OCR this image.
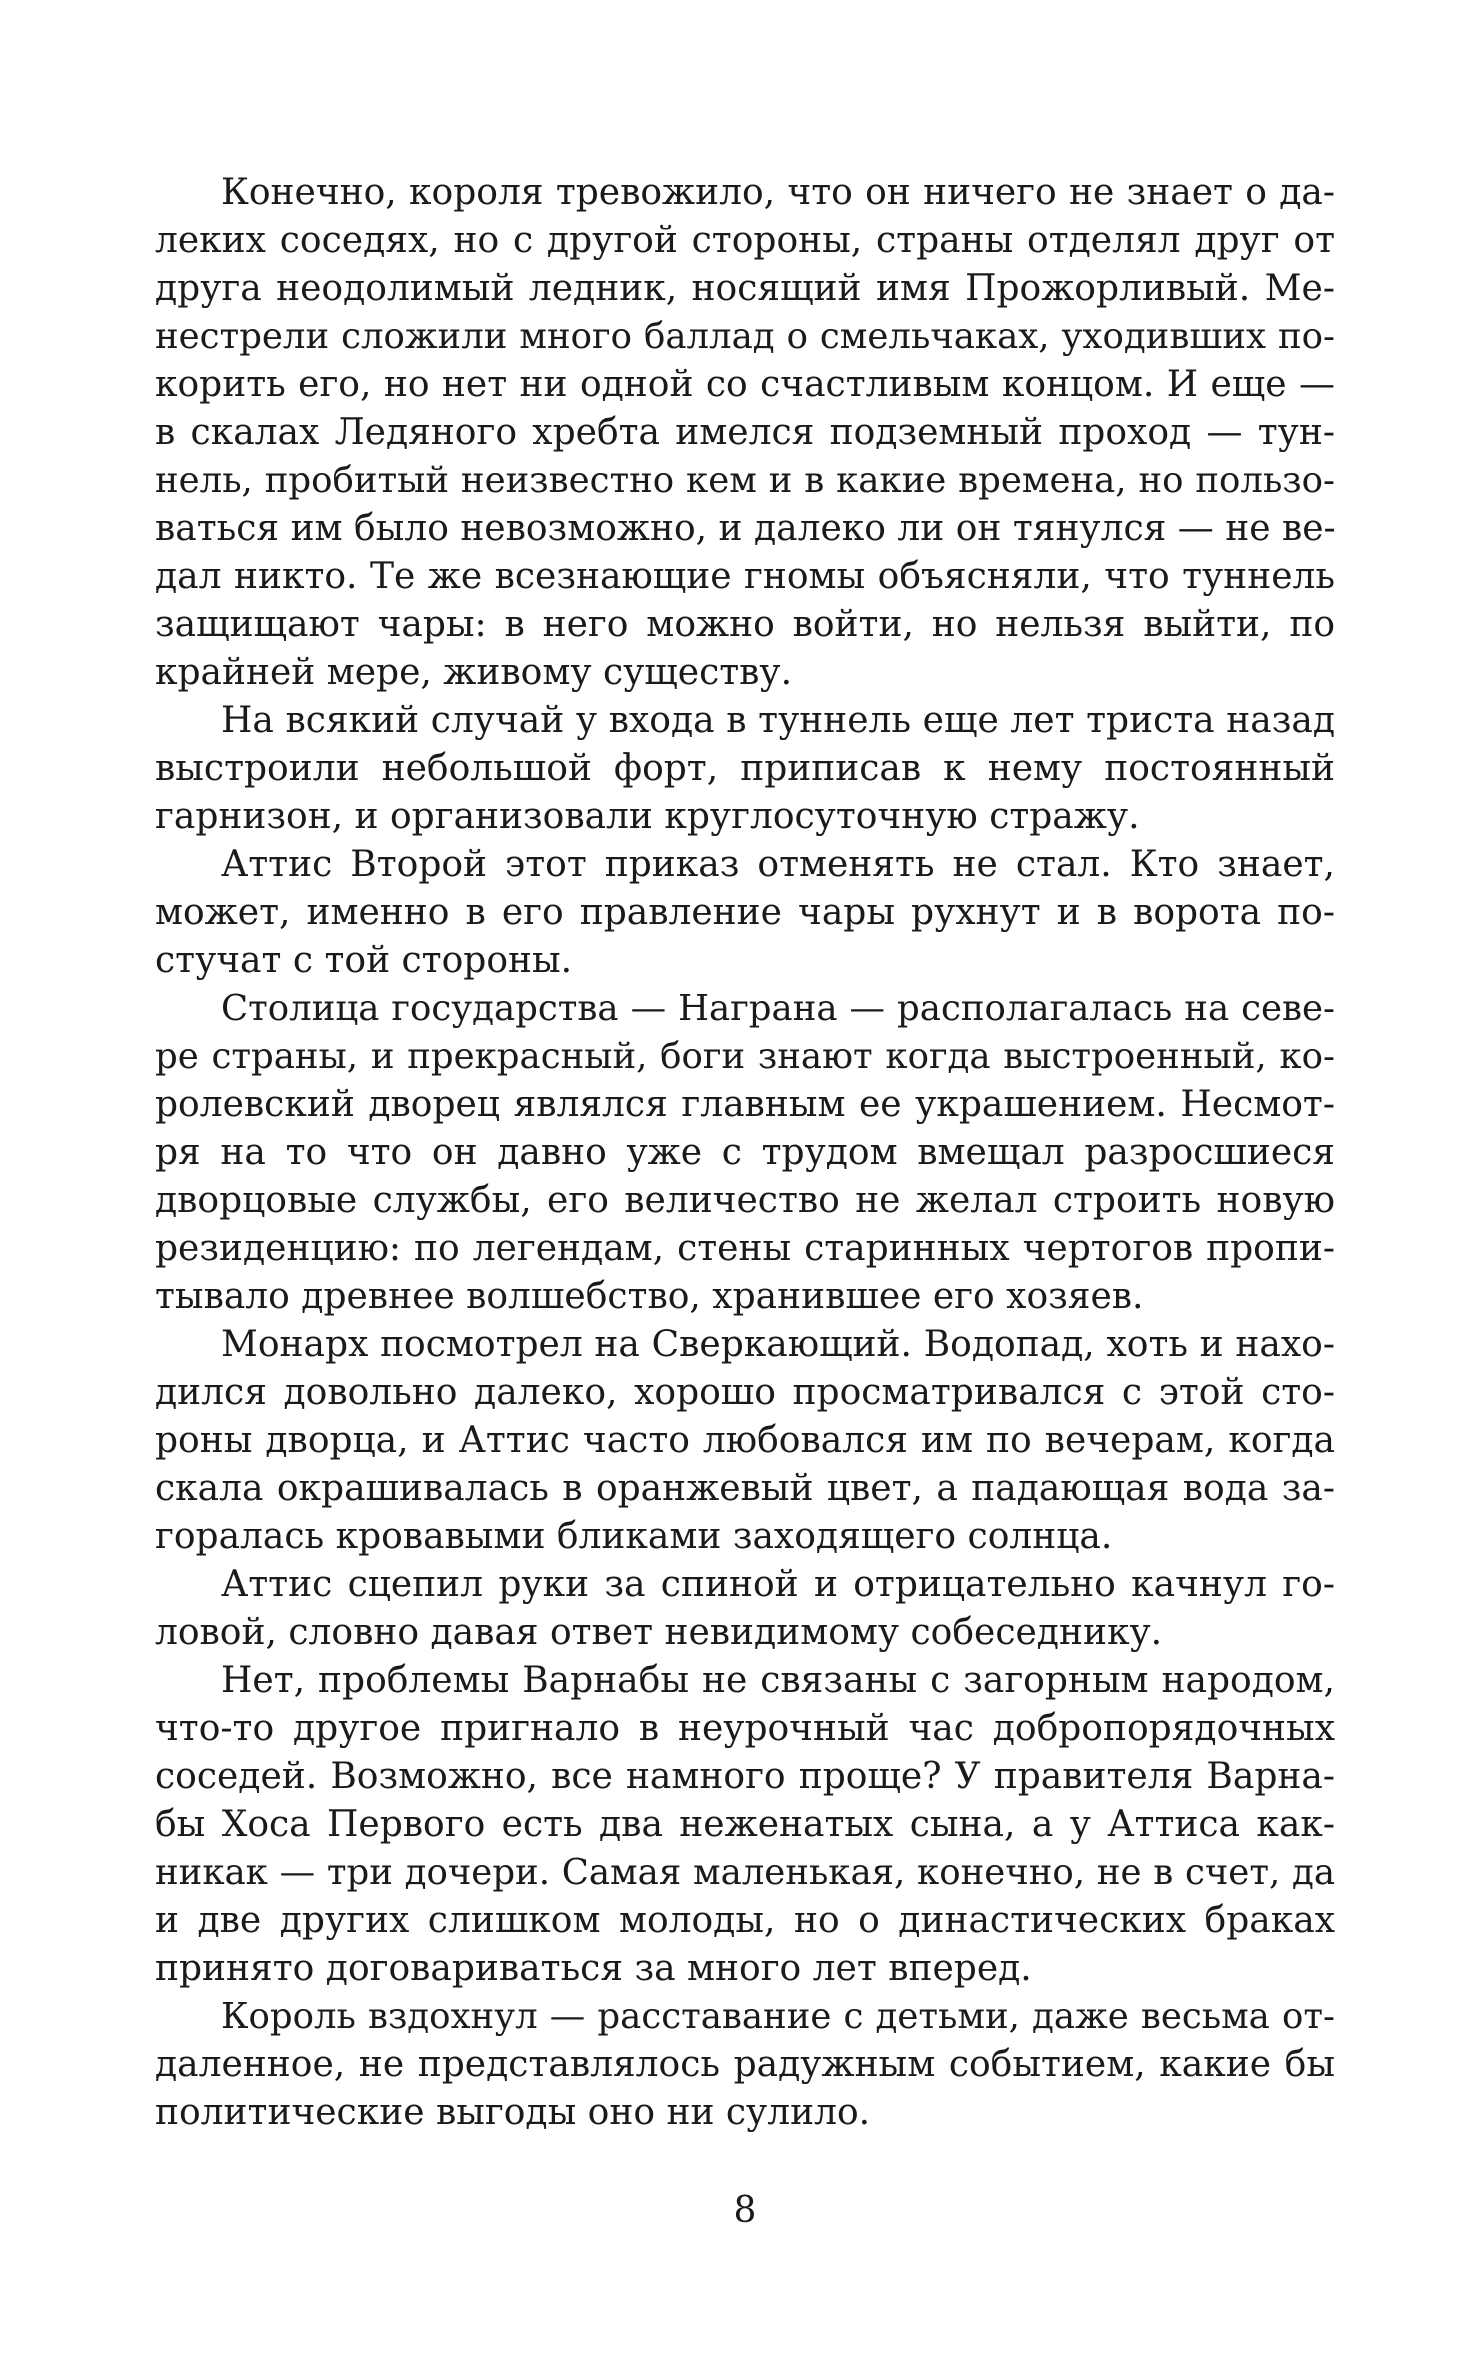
Конечно, короля тревожило, что он ничего не знает о да-
леких соседях, но с другой стороны, страны отделял друг от
друга неодолимый ледник, носящий имя Прожорливый. Ме-
нестрели сложили много баллад о смельчаках, уходивших по-
корить его, но нет ни одной со счастливым концом. И еще —
в скалах Ледяного хребта имелся подземный проход — тун-
нель, пробитый неизвестно кем и в какие времена, но пользо-
ваться им было невозможно, и далеко ли он тянулся — не ве-
дал никто. Те же всезнающие гномы объясняли, что туннель
защищают чары: в него можно войти, но нельзя выйти, по
крайней мере, живому существу.
На всякий случай у входа в туннель еще лет триста назад
выстроили небольшой форт, приписав к нему постоянный
гарнизон, и организовали круглосуточную стражу.
Аттис Второй этот приказ отменять не стал. Кто знает,
может, именно в его правление чары рухнут и в ворота по-
стучат с той стороны.
Столица государства — Награна — располагалась на севе-
ре страны, и прекрасный, боги знают когда выстроенный, ко-
ролевский дворец являлся главным ее украшением. Несмот-
ря на то что он давно уже с трудом вмещал разросшиеся
дворцовые службы, его величество не желал строить новую
резиденцию: по легендам, стены старинных чертогов пропи-
тывало древнее волшебство, хранившее его хозяев.
Монарх посмотрел на Сверкающий. Водопад, хоть и нахо-
дился довольно далеко, хорошо просматривался с этой сто-
роны дворца, и Аттис часто любовался им по вечерам, когда
скала окрашивалась в оранжевый цвет, а падающая вода за-
горалась кровавыми бликами заходящего солнца.
Аттис сцепил руки за спиной и отрицательно качнул го-
ловой, словно давая ответ невидимому собеседнику.
Нет, проблемы Варнабы не связаны с загорным народом,
что-то другое пригнало в неурочный час добропорядочных
соседей. Возможно, все намного проще? У правителя Варна-
бы Хоса Первого есть два неженатых сына, а у Аттиса как-
никак — три дочери. Самая маленькая, конечно, не в счет, да
и две других слишком молоды, но о династических браках
принято договариваться за много лет вперед.
Король вздохнул — расставание с детьми, даже весьма от-
даленное, не представлялось радужным событием, какие бы
политические выгоды оно ни сулило.
8
